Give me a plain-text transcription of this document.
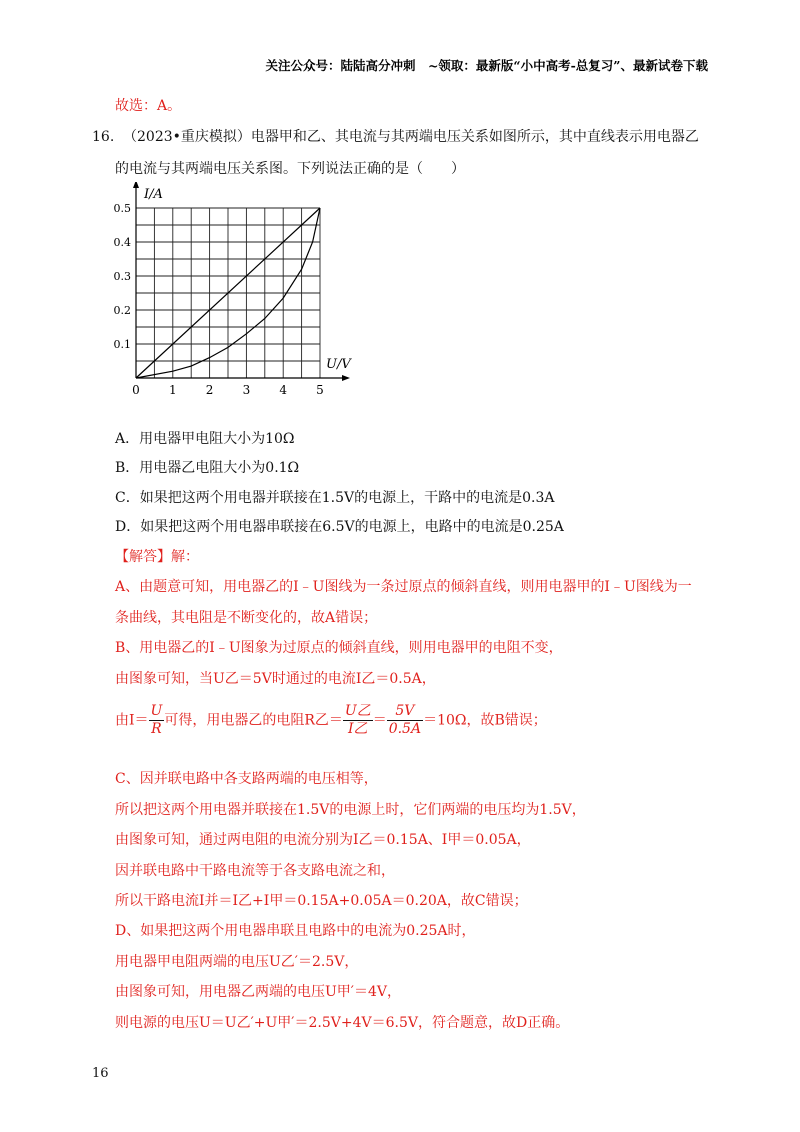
关注公众号：陆陆高分冲刺　~领取：最新版“小中高考-总复习”、最新试卷下载
故选：A。
16. （2023•重庆模拟）电器甲和乙、其电流与其两端电压关系如图所示，其中直线表示用电器乙
的电流与其两端电压关系图。下列说法正确的是（　　）
I/A
U/V
0 1 2 3 4 5
0.1
0.2
0.3
0.4
0.5
A．用电器甲电阻大小为10Ω
B．用电器乙电阻大小为0.1Ω
C．如果把这两个用电器并联接在1.5V的电源上，干路中的电流是0.3A
D．如果把这两个用电器串联接在6.5V的电源上，电路中的电流是0.25A
【解答】解：
A、由题意可知，用电器乙的I﹣U图线为一条过原点的倾斜直线，则用电器甲的I﹣U图线为一
条曲线，其电阻是不断变化的，故A错误；
B、用电器乙的I﹣U图象为过原点的倾斜直线，则用电器甲的电阻不变，
由图象可知，当U乙＝5V时通过的电流I乙＝0.5A，
由$I= \frac{U}{R}$ 可得，用电器乙的电阻R乙＝ $\frac{\text{U乙}}{\text{I乙}} = \frac{5V}{0.5A} =10\Omega$，故B错误；
C、因并联电路中各支路两端的电压相等，
所以把这两个用电器并联接在1.5V的电源上时，它们两端的电压均为1.5V，
由图象可知，通过两电阻的电流分别为I乙＝0.15A、I甲＝0.05A，
因并联电路中干路电流等于各支路电流之和，
所以干路电流I并＝I乙+I甲＝0.15A+0.05A＝0.20A，故C错误；
D、如果把这两个用电器串联且电路中的电流为0.25A时，
用电器甲电阻两端的电压U乙′＝2.5V，
由图象可知，用电器乙两端的电压U甲′＝4V，
则电源的电压U＝U乙′+U甲′＝2.5V+4V＝6.5V，符合题意，故D正确。
16
